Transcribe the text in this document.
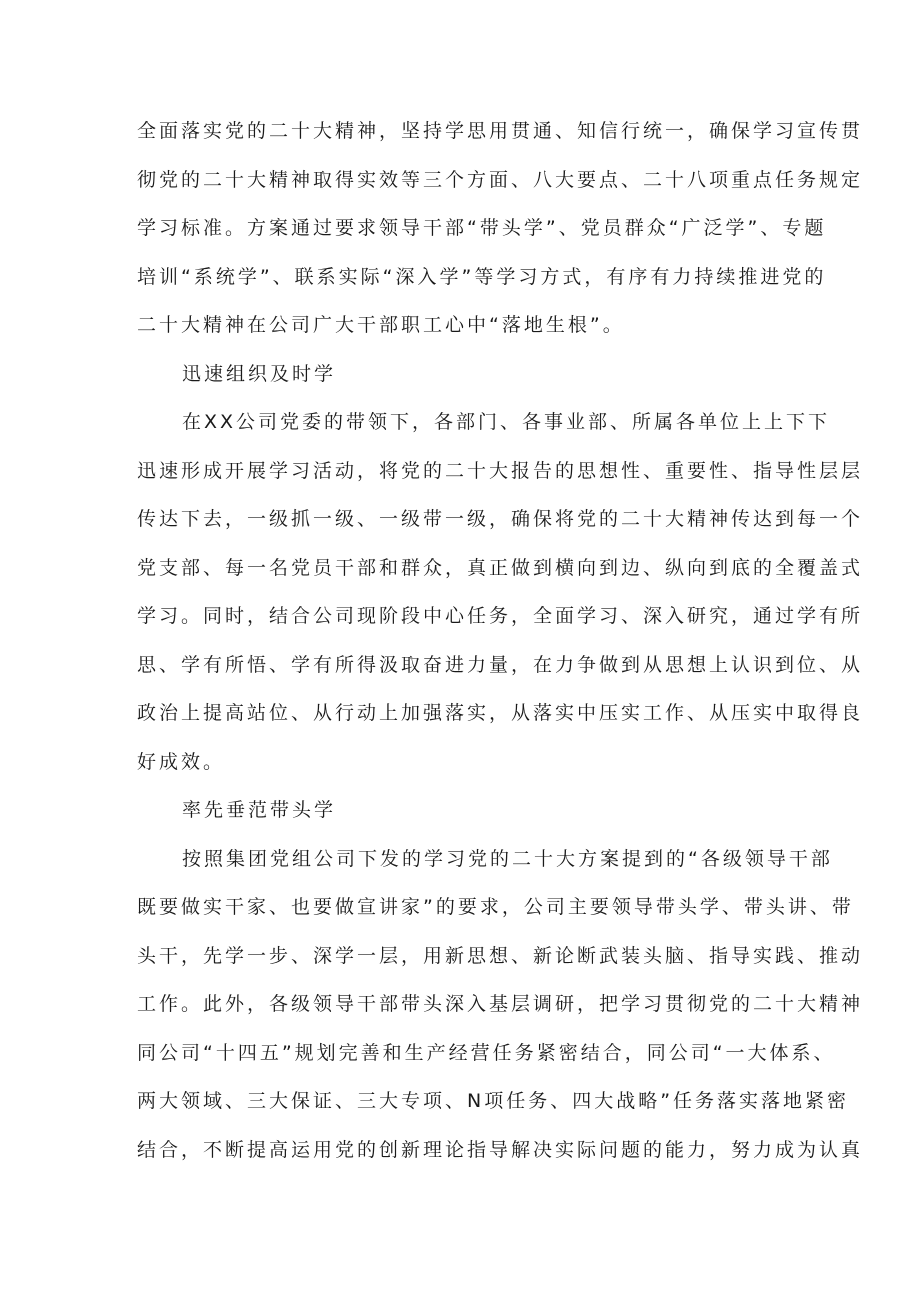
全面落实党的二十大精神，坚持学思用贯通、知信行统一，确保学习宣传贯
彻党的二十大精神取得实效等三个方面、八大要点、二十八项重点任务规定
学习标准。方案通过要求领导干部“带头学”、党员群众“广泛学”、专题
培训“系统学”、联系实际“深入学”等学习方式，有序有力持续推进党的
二十大精神在公司广大干部职工心中“落地生根”。
迅速组织及时学
在XX公司党委的带领下，各部门、各事业部、所属各单位上上下下
迅速形成开展学习活动，将党的二十大报告的思想性、重要性、指导性层层
传达下去，一级抓一级、一级带一级，确保将党的二十大精神传达到每一个
党支部、每一名党员干部和群众，真正做到横向到边、纵向到底的全覆盖式
学习。同时，结合公司现阶段中心任务，全面学习、深入研究，通过学有所
思、学有所悟、学有所得汲取奋进力量，在力争做到从思想上认识到位、从
政治上提高站位、从行动上加强落实，从落实中压实工作、从压实中取得良
好成效。
率先垂范带头学
按照集团党组公司下发的学习党的二十大方案提到的“各级领导干部
既要做实干家、也要做宣讲家”的要求，公司主要领导带头学、带头讲、带
头干，先学一步、深学一层，用新思想、新论断武装头脑、指导实践、推动
工作。此外，各级领导干部带头深入基层调研，把学习贯彻党的二十大精神
同公司“十四五”规划完善和生产经营任务紧密结合，同公司“一大体系、
两大领域、三大保证、三大专项、N项任务、四大战略”任务落实落地紧密
结合，不断提高运用党的创新理论指导解决实际问题的能力，努力成为认真
